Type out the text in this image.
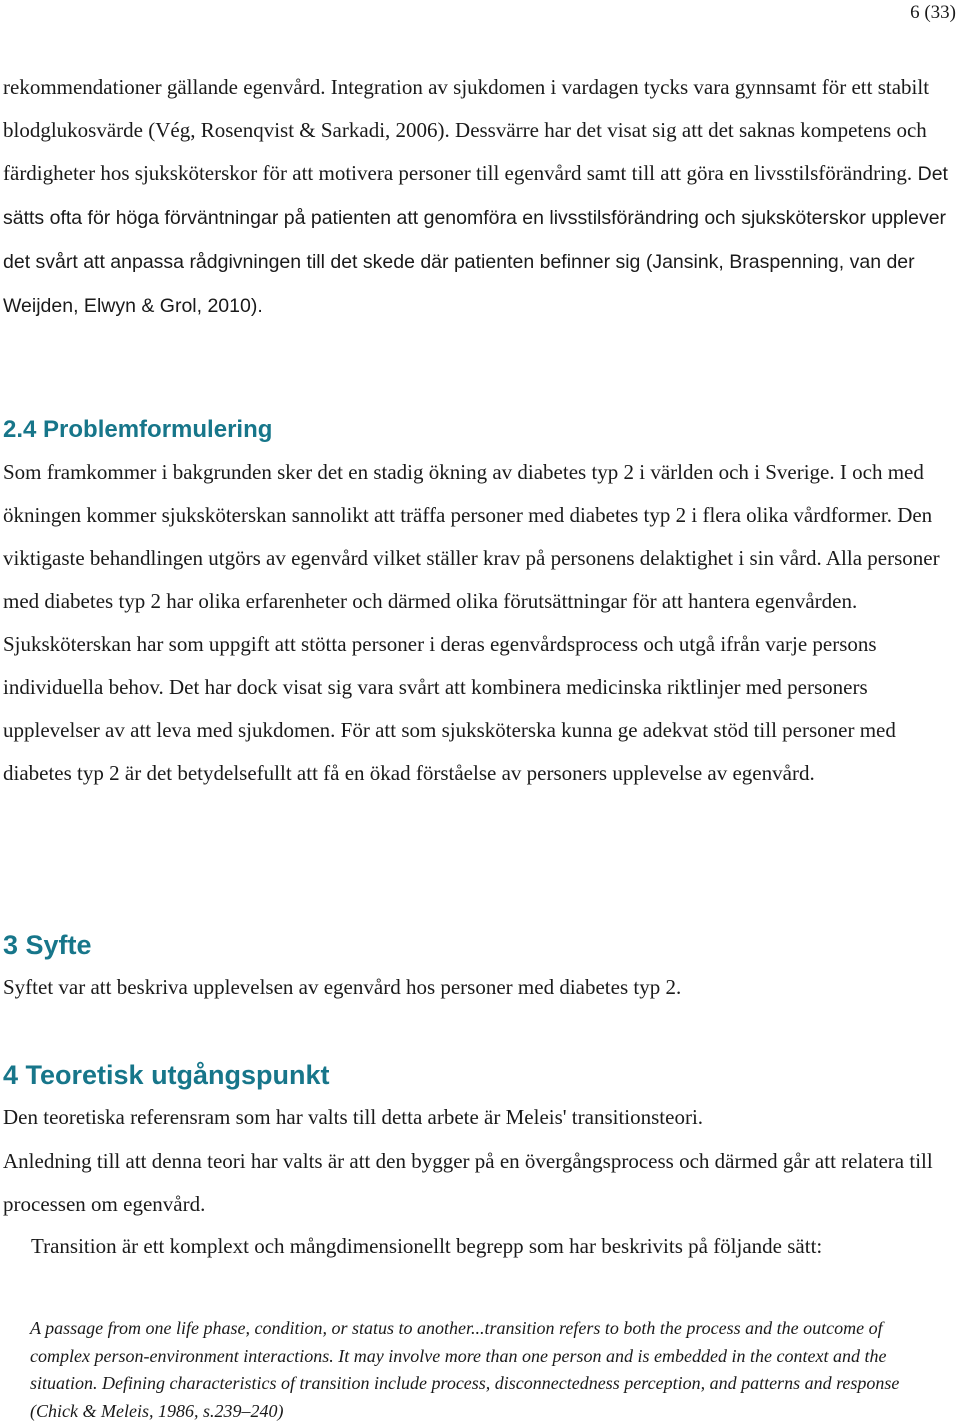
6 (33)

rekommendationer gällande egenvård. Integration av sjukdomen i vardagen tycks vara gynnsamt för ett stabilt blodglukosvärde (Vég, Rosenqvist & Sarkadi, 2006). Dessvärre har det visat sig att det saknas kompetens och färdigheter hos sjuksköterskor för att motivera personer till egenvård samt till att göra en livsstilsförändring. Det sätts ofta för höga förväntningar på patienten att genomföra en livsstilsförändring och sjuksköterskor upplever det svårt att anpassa rådgivningen till det skede där patienten befinner sig (Jansink, Braspenning, van der Weijden, Elwyn & Grol, 2010).

2.4 Problemformulering

Som framkommer i bakgrunden sker det en stadig ökning av diabetes typ 2 i världen och i Sverige. I och med ökningen kommer sjuksköterskan sannolikt att träffa personer med diabetes typ 2 i flera olika vårdformer. Den viktigaste behandlingen utgörs av egenvård vilket ställer krav på personens delaktighet i sin vård. Alla personer med diabetes typ 2 har olika erfarenheter och därmed olika förutsättningar för att hantera egenvården. Sjuksköterskan har som uppgift att stötta personer i deras egenvårdsprocess och utgå ifrån varje persons individuella behov. Det har dock visat sig vara svårt att kombinera medicinska riktlinjer med personers upplevelser av att leva med sjukdomen. För att som sjuksköterska kunna ge adekvat stöd till personer med diabetes typ 2 är det betydelsefullt att få en ökad förståelse av personers upplevelse av egenvård.

3 Syfte

Syftet var att beskriva upplevelsen av egenvård hos personer med diabetes typ 2.

4 Teoretisk utgångspunkt

Den teoretiska referensram som har valts till detta arbete är Meleis' transitionsteori.

Anledning till att denna teori har valts är att den bygger på en övergångsprocess och därmed går att relatera till processen om egenvård.

Transition är ett komplext och mångdimensionellt begrepp som har beskrivits på följande sätt:

A passage from one life phase, condition, or status to another...transition refers to both the process and the outcome of complex person-environment interactions. It may involve more than one person and is embedded in the context and the situation. Defining characteristics of transition include process, disconnectedness perception, and patterns and response (Chick & Meleis, 1986, s.239–240)
